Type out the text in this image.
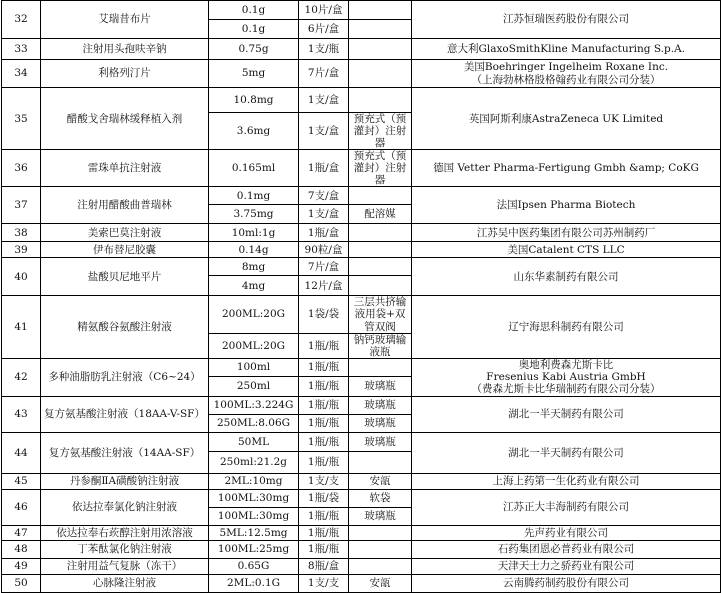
32	艾瑞昔布片	0.1g	10片/盒		江苏恒瑞医药股份有限公司

		0.1g	6片/盒		
33	注射用头孢呋辛钠	0.75g	1支/瓶		意大利GlaxoSmithKline Manufacturing S.p.A.

34	利格列汀片	5mg	7片/盒		美国Boehringer Ingelheim Roxane Inc.
（上海勃林格殷格翰药业有限公司分装）

35	醋酸戈舍瑞林缓释植入剂	10.8mg	1支/盒		英国阿斯利康AstraZeneca UK Limited

		3.6mg	1支/盒	预充式（预灌封）注射器	
36	雷珠单抗注射液	0.165ml	1瓶/盒	预充式（预灌封）注射器	德国 Vetter Pharma-Fertigung Gmbh &amp; CoKG

37	注射用醋酸曲普瑞林	0.1mg	7支/盒		法国Ipsen Pharma Biotech

		3.75mg	1支/盒	配溶媒	
38	美索巴莫注射液	10ml:1g	1瓶/盒		江苏吴中医药集团有限公司苏州制药厂

39	伊布替尼胶囊	0.14g	90粒/盒		美国Catalent CTS LLC

40	盐酸贝尼地平片	8mg	7片/盒		山东华素制药有限公司

		4mg	12片/盒		
41	精氨酸谷氨酸注射液	200ML:20G	1袋/袋	三层共挤输液用袋+双管双阀	辽宁海思科制药有限公司

		200ML:20G	1瓶/瓶	钠钙玻璃输液瓶	
42	多种油脂肪乳注射液（C6~24）	100ml	1瓶/瓶		奥地利费森尤斯卡比
Fresenius Kabi Austria GmbH
（费森尤斯卡比华瑞制药有限公司分装）

		250ml	1瓶/瓶	玻璃瓶	
43	复方氨基酸注射液（18AA-V-SF）	100ML:3.224G	1瓶/瓶	玻璃瓶	湖北一半天制药有限公司

		250ML:8.06G	1瓶/瓶	玻璃瓶	
44	复方氨基酸注射液（14AA-SF）	50ML	1瓶/瓶	玻璃瓶	湖北一半天制药有限公司

		250ml:21.2g	1瓶/瓶		
45	丹参酮ⅡA磺酸钠注射液	2ML:10mg	1支/支	安瓿	上海上药第一生化药业有限公司

46	依达拉奉氯化钠注射液	100ML:30mg	1瓶/袋	软袋	江苏正大丰海制药有限公司

		100ML:30mg	1瓶/瓶	玻璃瓶	
47	依达拉奉右莰醇注射用浓溶液	5ML:12.5mg	1瓶/瓶		先声药业有限公司

48	丁苯酞氯化钠注射液	100ML:25mg	1瓶/瓶		石药集团恩必普药业有限公司

49	注射用益气复脉（冻干）	0.65G	8瓶/盒		天津天士力之骄药业有限公司

50	心脉隆注射液	2ML:0.1G	1支/支	安瓿	云南腾药制药股份有限公司
